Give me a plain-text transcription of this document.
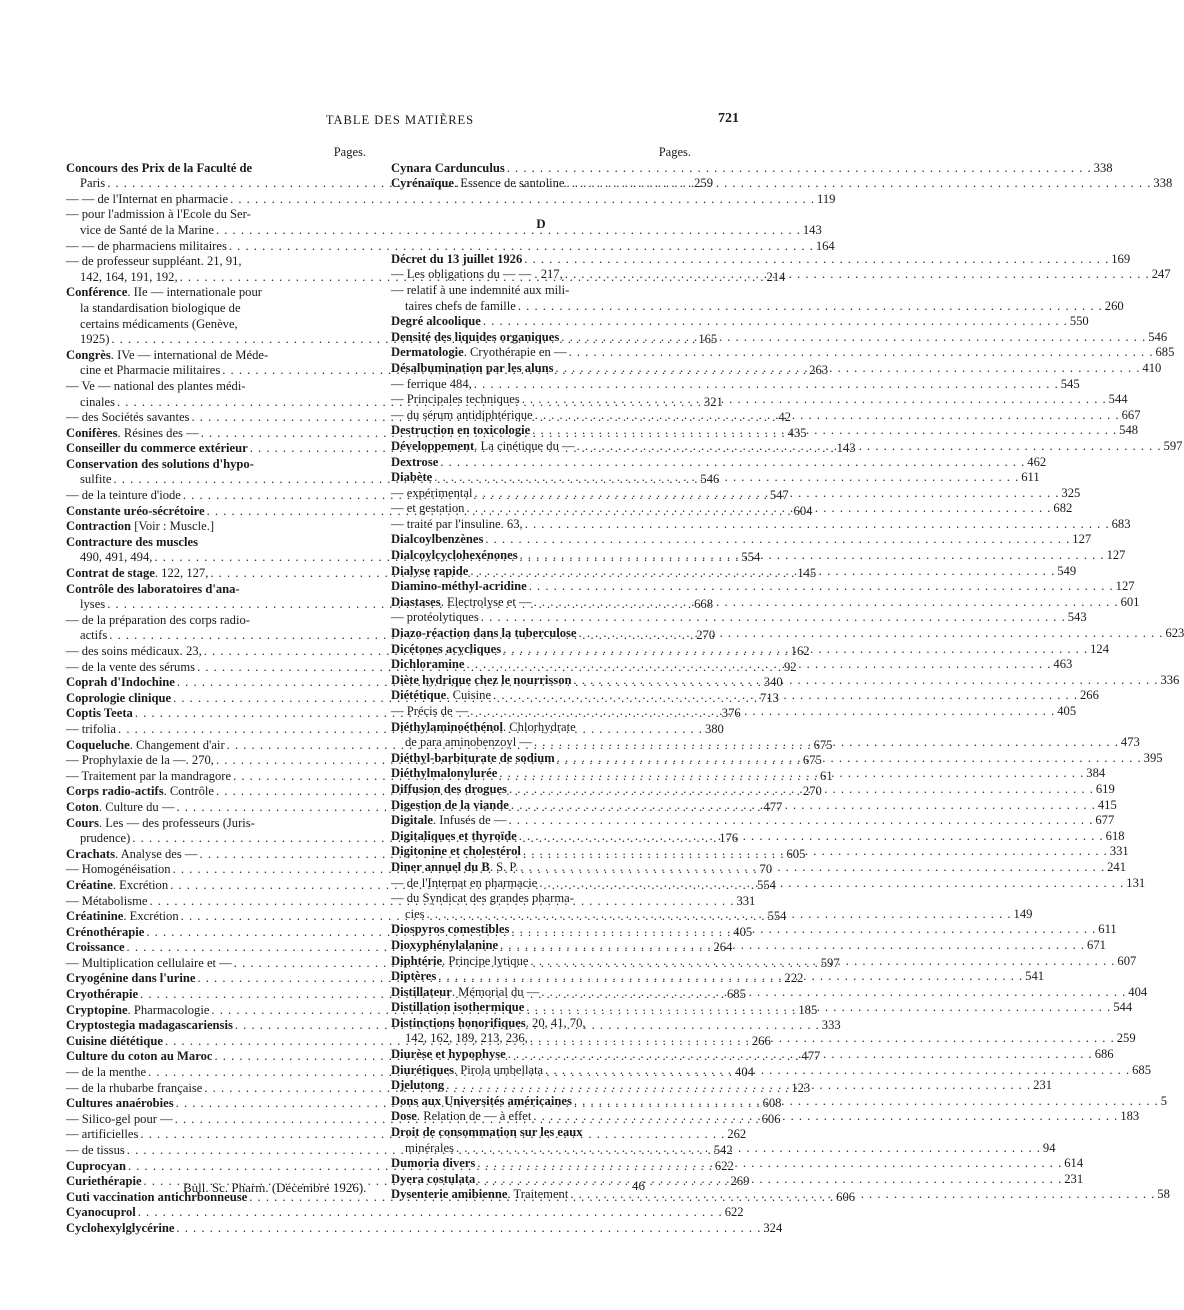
TABLE DES MATIÈRES	721
Pages.
Concours des Prix de la Faculté de
Paris . . .	259
— — de l'Internat en pharmacie . . .	119
— pour l'admission à l'Ecole du Ser-
vice de Santé de la Marine . . .	143
— — de pharmaciens militaires . . .	164
— de professeur suppléant. 21, 91,
142, 164, 191, 192, . . .	214
Conférence. IIe — internationale pour
la standardisation biologique de
certains médicaments (Genève,
1925) . . .	165
Congrès. IVe — international de Méde-
cine et Pharmacie militaires . . .	263
— Ve — national des plantes médi-
cinales . . .	321
— des Sociétés savantes . . .	42
Conifères. Résines des — . . .	435
Conseiller du commerce extérieur . . .	143
Conservation des solutions d'hypo-
sulfite . . .	546
— de la teinture d'iode . . .	547
Constante uréo-sécrétoire . . .	604
Contraction [Voir : Muscle.]
Contracture des muscles
490, 491, 494, . . .	554
Contrat de stage. 122, 127, . . .	145
Contrôle des laboratoires d'ana-
lyses . . .	668
— de la préparation des corps radio-
actifs . . .	270
— des soins médicaux. 23, . . .	162
— de la vente des sérums . . .	92
Coprah d'Indochine . . .	340
Coprologie clinique . . .	713
Coptis Teeta . . .	376
— trifolia . . .	380
Coqueluche. Changement d'air . . .	675
— Prophylaxie de la —. 270, . . .	675
— Traitement par la mandragore . . .	61
Corps radio-actifs. Contrôle . . .	270
Coton. Culture du — . . .	477
Cours. Les — des professeurs (Juris-
prudence) . . .	176
Crachats. Analyse des — . . .	605
— Homogénéisation . . .	70
Créatine. Excrétion . . .	554
— Métabolisme . . .	331
Créatinine. Excrétion . . .	554
Crénothérapie . . .	405
Croissance . . .	264
— Multiplication cellulaire et — . . .	597
Cryogénine dans l'urine . . .	222
Cryothérapie . . .	685
Cryptopine. Pharmacologie . . .	185
Cryptostegia madagascariensis . . .	333
Cuisine diététique . . .	266
Culture du coton au Maroc . . .	477
— de la menthe . . .	404
— de la rhubarbe française . . .	123
Cultures anaérobies . . .	608
— Silico-gel pour — . . .	606
— artificielles . . .	262
— de tissus . . .	542
Cuprocyan . . .	622
Curiethérapie . . .	269
Cuti vaccination antichrbonneuse . . .	606
Cyanocuprol . . .	622
Cyclohexylglycérine . . .	324
Pages.
Cynara Cardunculus . . .	338
Cyrénaïque. Essence de santoline . . .	338
D
Décret du 13 juillet 1926 . . .	169
— Les obligations du — — . 217, . . .	247
— relatif à une indemnité aux mili-
taires chefs de famille . . .	260
Degré alcoolique . . .	550
Densité des liquides organiques . . .	546
Dermatologie. Cryothérapie en — . . .	685
Désalbumination par les aluns . . .	410
— ferrique 484, . . .	545
— Principales techniques . . .	544
— du sérum antidiphtérique . . .	667
Destruction en toxicologie . . .	548
Développement. La cinétique du — . . .	597
Dextrose . . .	462
Diabète . . .	611
— expérimental . . .	325
— et gestation . . .	682
— traité par l'insuline. 63, . . .	683
Dialcoylbenzènes . . .	127
Dialcoylcyclohexénones . . .	127
Dialyse rapide . . .	549
Diamino-méthyl-acridine . . .	127
Diastases. Electrolyse et — . . .	601
— protéolytiques . . .	543
Diazo-réaction dans la tuberculose . . .	623
Dicétones acycliques . . .	124
Dichloramine . . .	463
Diète hydrique chez le nourrisson . . .	336
Diététique. Cuisine . . .	266
— Précis de — . . .	405
Diéthylaminoéthénol. Chlorhydrate
de para aminobenzoyl — . . .	473
Diéthyl-barbiturate de sodium . . .	395
Diéthylmalonylurée . . .	384
Diffusion des drogues . . .	619
Digestion de la viande . . .	415
Digitale. Infusés de — . . .	677
Digitaliques et thyroïde . . .	618
Digitonine et cholestérol . . .	331
Diner annuel du B. S. P. . . .	241
— de l'Internat en pharmacie . . .	131
— du Syndicat des grandes pharma-
cies . . .	149
Diospyros comestibles . . .	611
Dioxyphénylalanine . . .	671
Diphtérie. Principe lytique . . .	607
Diptères . . .	541
Distillateur. Mémorial du — . . .	404
Distillation isothermique . . .	544
Distinctions honorifiques. 20, 41, 70,
142, 162, 189, 213, 236, . . .	259
Diurèse et hypophyse . . .	686
Diurétiques. Pirola umbellata . . .	685
Djelutong . . .	231
Dons aux Universités américaines . . .	5
Dose. Relation de — à effet . . .	183
Droit de consommation sur les eaux
minérales . . .	94
Dumoria divers . . .	614
Dyera costulata . . .	231
Dysenterie amibienne. Traitement . . .	58
Bull. Sc. Pharm. (Décembre 1926).	46
